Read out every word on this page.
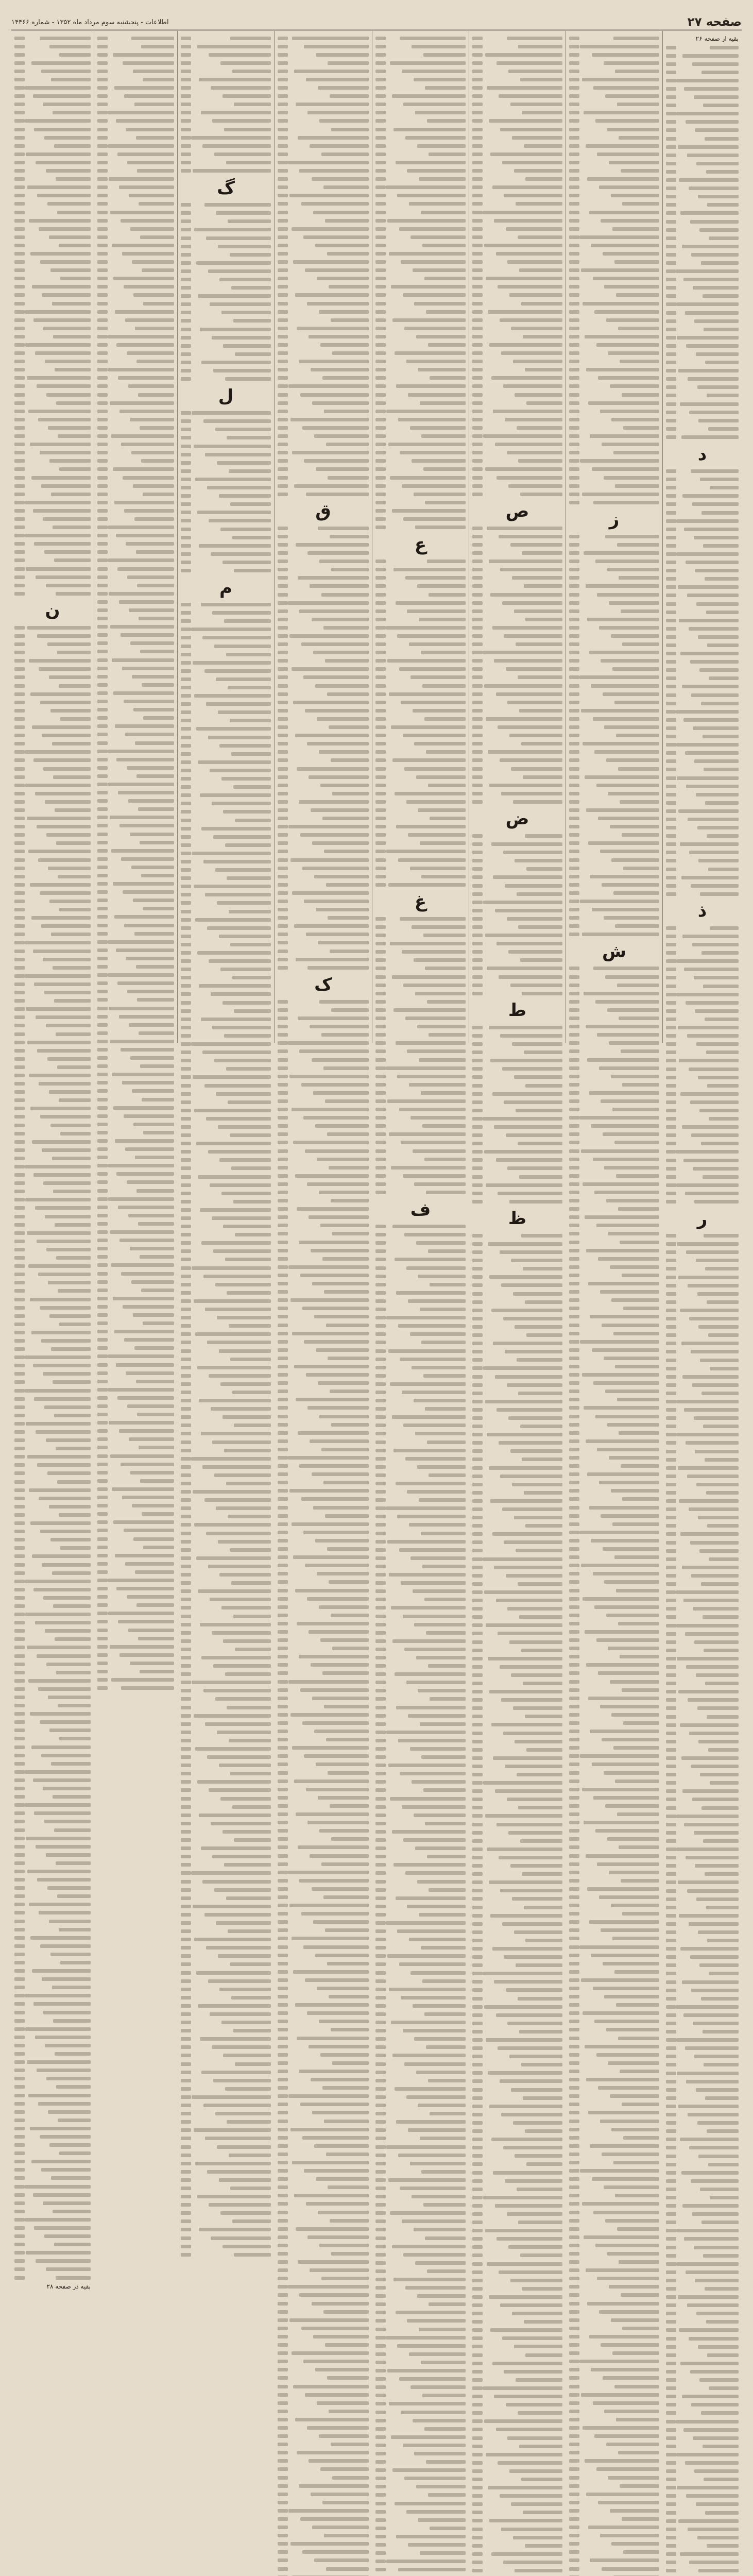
صفحه ۲۷
اطلاعات - پنجشنبه سوم مرداد ماه ۱۳۵۲ - شماره ۱۴۴۶۶
بقیه از صفحه ۲۶
د
ذ
ر
ز
ش
ص
ض
ط
ظ
ع
غ
ف
ق
ک
گ
ل
م
ن
بقیه در صفحه ۲۸
